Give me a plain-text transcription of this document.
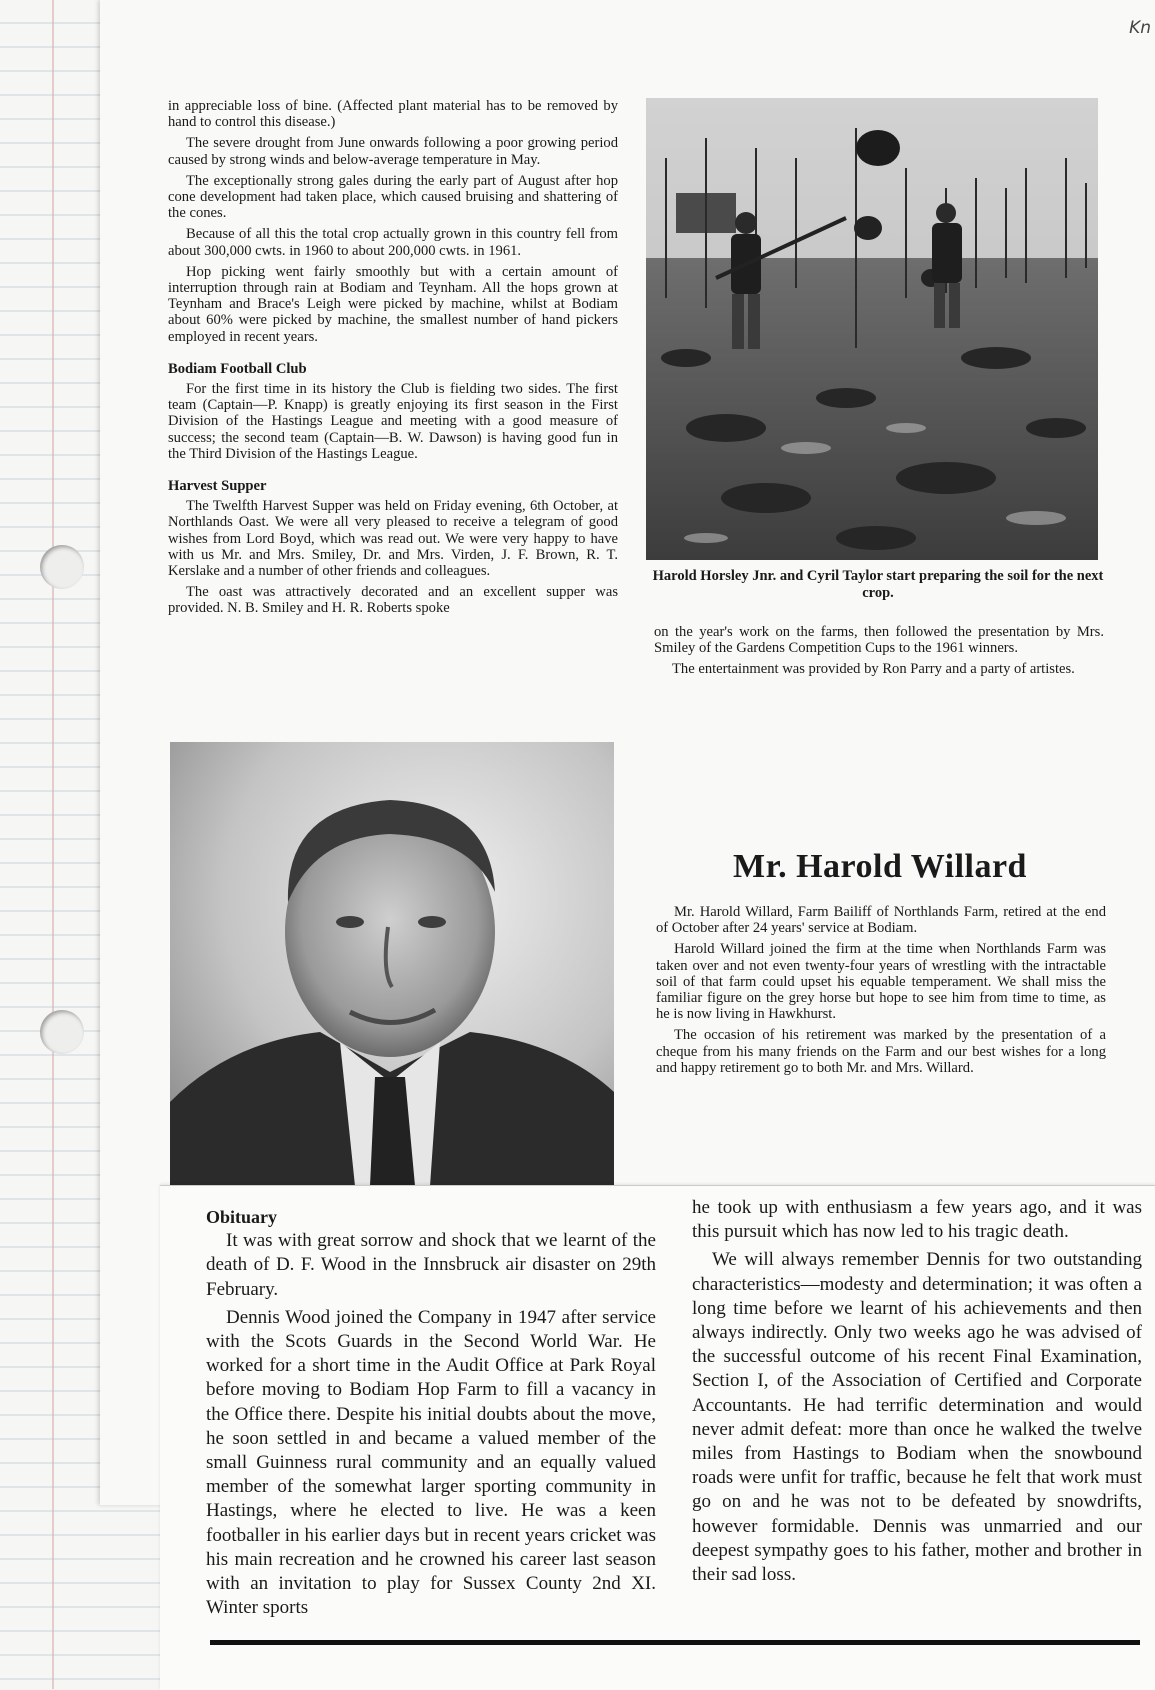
Kn

in appreciable loss of bine. (Affected plant material has to be removed by hand to control this disease.)

The severe drought from June onwards following a poor growing period caused by strong winds and below-average temperature in May.

The exceptionally strong gales during the early part of August after hop cone development had taken place, which caused bruising and shattering of the cones.

Because of all this the total crop actually grown in this country fell from about 300,000 cwts. in 1960 to about 200,000 cwts. in 1961.

Hop picking went fairly smoothly but with a certain amount of interruption through rain at Bodiam and Teynham. All the hops grown at Teynham and Brace's Leigh were picked by machine, whilst at Bodiam about 60% were picked by machine, the smallest number of hand pickers employed in recent years.

Bodiam Football Club

For the first time in its history the Club is fielding two sides. The first team (Captain—P. Knapp) is greatly enjoying its first season in the First Division of the Hastings League and meeting with a good measure of success; the second team (Captain—B. W. Dawson) is having good fun in the Third Division of the Hastings League.

Harvest Supper

The Twelfth Harvest Supper was held on Friday evening, 6th October, at Northlands Oast. We were all very pleased to receive a telegram of good wishes from Lord Boyd, which was read out. We were very happy to have with us Mr. and Mrs. Smiley, Dr. and Mrs. Virden, J. F. Brown, R. T. Kerslake and a number of other friends and colleagues.

The oast was attractively decorated and an excellent supper was provided. N. B. Smiley and H. R. Roberts spoke

Harold Horsley Jnr. and Cyril Taylor start preparing the soil for the next crop.

on the year's work on the farms, then followed the presentation by Mrs. Smiley of the Gardens Competition Cups to the 1961 winners.

The entertainment was provided by Ron Parry and a party of artistes.

Mr. Harold Willard

Mr. Harold Willard, Farm Bailiff of Northlands Farm, retired at the end of October after 24 years' service at Bodiam.

Harold Willard joined the firm at the time when Northlands Farm was taken over and not even twenty-four years of wrestling with the intractable soil of that farm could upset his equable temperament. We shall miss the familiar figure on the grey horse but hope to see him from time to time, as he is now living in Hawkhurst.

The occasion of his retirement was marked by the presentation of a cheque from his many friends on the Farm and our best wishes for a long and happy retirement go to both Mr. and Mrs. Willard.

Obituary

It was with great sorrow and shock that we learnt of the death of D. F. Wood in the Innsbruck air disaster on 29th February.

Dennis Wood joined the Company in 1947 after service with the Scots Guards in the Second World War. He worked for a short time in the Audit Office at Park Royal before moving to Bodiam Hop Farm to fill a vacancy in the Office there. Despite his initial doubts about the move, he soon settled in and became a valued member of the small Guinness rural community and an equally valued member of the somewhat larger sporting community in Hastings, where he elected to live. He was a keen footballer in his earlier days but in recent years cricket was his main recreation and he crowned his career last season with an invitation to play for Sussex County 2nd XI. Winter sports

he took up with enthusiasm a few years ago, and it was this pursuit which has now led to his tragic death.

We will always remember Dennis for two outstanding characteristics—modesty and determination; it was often a long time before we learnt of his achievements and then always indirectly. Only two weeks ago he was advised of the successful outcome of his recent Final Examination, Section I, of the Association of Certified and Corporate Accountants. He had terrific determination and would never admit defeat: more than once he walked the twelve miles from Hastings to Bodiam when the snowbound roads were unfit for traffic, because he felt that work must go on and he was not to be defeated by snowdrifts, however formidable. Dennis was unmarried and our deepest sympathy goes to his father, mother and brother in their sad loss.
